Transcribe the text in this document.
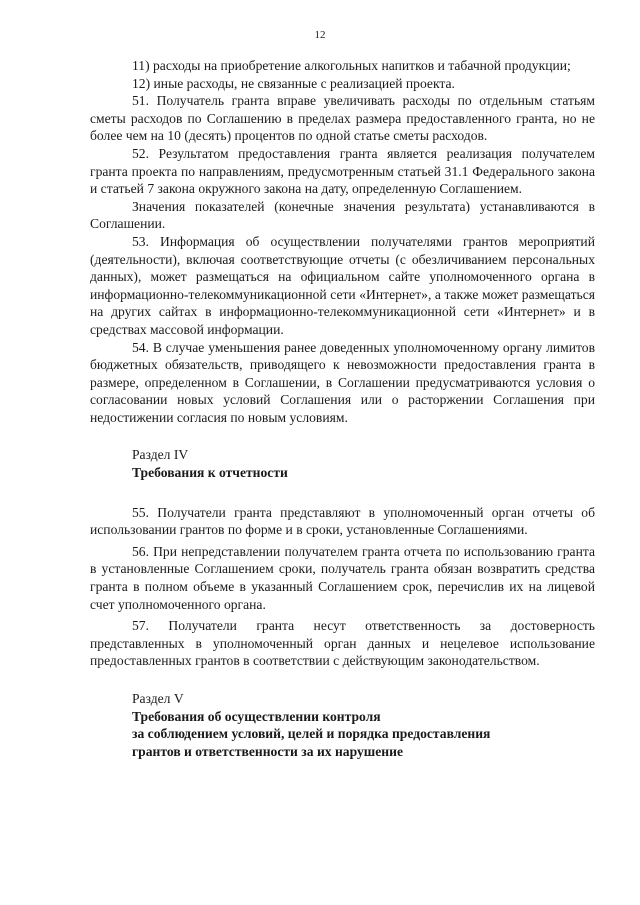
12

11) расходы на приобретение алкогольных напитков и табачной продукции;

12) иные расходы, не связанные с реализацией проекта.

51. Получатель гранта вправе увеличивать расходы по отдельным статьям сметы расходов по Соглашению в пределах размера предоставленного гранта, но не более чем на 10 (десять) процентов по одной статье сметы расходов.

52. Результатом предоставления гранта является реализация получателем гранта проекта по направлениям, предусмотренным статьей 31.1 Федерального закона и статьей 7 закона окружного закона на дату, определенную Соглашением.

Значения показателей (конечные значения результата) устанавливаются в Соглашении.

53. Информация об осуществлении получателями грантов мероприятий (деятельности), включая соответствующие отчеты (с обезличиванием персональных данных), может размещаться на официальном сайте уполномоченного органа в информационно-телекоммуникационной сети «Интернет», а также может размещаться на других сайтах в информационно-телекоммуникационной сети «Интернет» и в средствах массовой информации.

54. В случае уменьшения ранее доведенных уполномоченному органу лимитов бюджетных обязательств, приводящего к невозможности предоставления гранта в размере, определенном в Соглашении, в Соглашении предусматриваются условия о согласовании новых условий Соглашения или о расторжении Соглашения при недостижении согласия по новым условиям.

Раздел IV

Требования к отчетности

55. Получатели гранта представляют в уполномоченный орган отчеты об использовании грантов по форме и в сроки, установленные Соглашениями.

56. При непредставлении получателем гранта отчета по использованию гранта в установленные Соглашением сроки, получатель гранта обязан возвратить средства гранта в полном объеме в указанный Соглашением срок, перечислив их на лицевой счет уполномоченного органа.

57. Получатели гранта несут ответственность за достоверность представленных в уполномоченный орган данных и нецелевое использование предоставленных грантов в соответствии с действующим законодательством.

Раздел V

Требования об осуществлении контроля

за соблюдением условий, целей и порядка предоставления

грантов и ответственности за их нарушение
